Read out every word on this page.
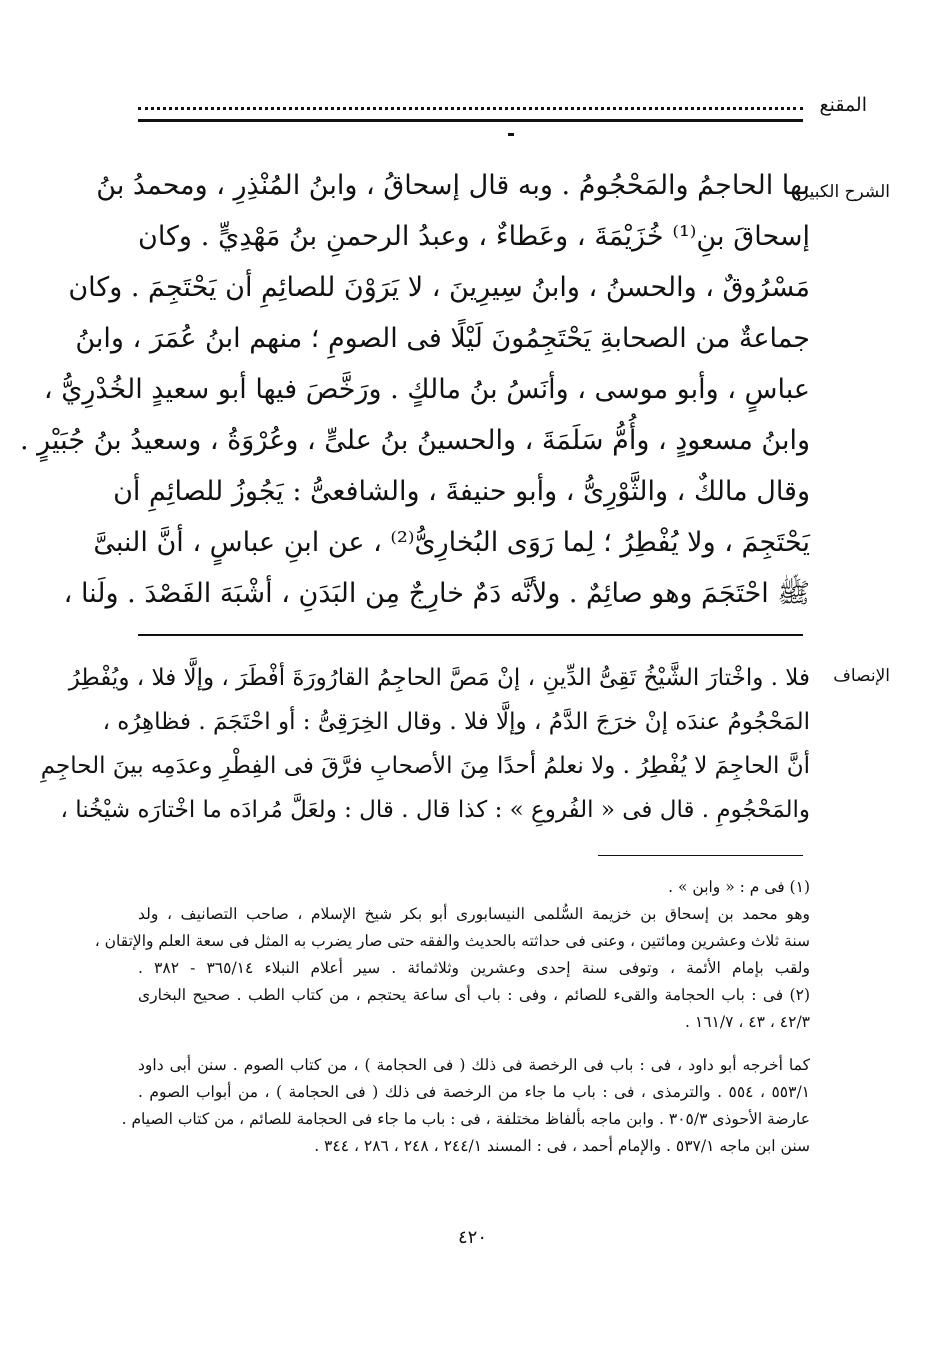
المقنع
الشرح الكبير
بها الحاجمُ والمَحْجُومُ . وبه قال إسحاقُ ، وابنُ المُنْذِرِ ، ومحمدُ بنُ
إسحاقَ بنِ⁽¹⁾ خُزَيْمَةَ ، وعَطاءٌ ، وعبدُ الرحمنِ بنُ مَهْدِيٍّ . وكان
مَسْرُوقٌ ، والحسنُ ، وابنُ سِيرِينَ ، لا يَرَوْنَ للصائِمِ أن يَحْتَجِمَ . وكان
جماعةٌ من الصحابةِ يَحْتَجِمُونَ لَيْلًا فى الصومِ ؛ منهم ابنُ عُمَرَ ، وابنُ
عباسٍ ، وأبو موسى ، وأنَسُ بنُ مالكٍ . ورَخَّصَ فيها أبو سعيدٍ الخُدْرِيُّ ،
وابنُ مسعودٍ ، وأُمُّ سَلَمَةَ ، والحسينُ بنُ علىٍّ ، وعُرْوَةُ ، وسعيدُ بنُ جُبَيْرٍ .
وقال مالكٌ ، والثَّوْرِىُّ ، وأبو حنيفةَ ، والشافعىُّ : يَجُوزُ للصائِمِ أن
يَحْتَجِمَ ، ولا يُفْطِرُ ؛ لِما رَوَى البُخارِىُّ⁽²⁾ ، عن ابنِ عباسٍ ، أنَّ النبىَّ
ﷺ احْتَجَمَ وهو صائِمٌ . ولأنَّه دَمٌ خارِجٌ مِن البَدَنِ ، أشْبَهَ الفَصْدَ . ولَنا ،
الإنصاف
فلا . واخْتارَ الشَّيْخُ تَقِىُّ الدِّينِ ، إنْ مَصَّ الحاجِمُ القارُورَةَ أفْطَرَ ، وإلَّا فلا ، ويُفْطِرُ
المَحْجُومُ عندَه إنْ خرَجَ الدَّمُ ، وإلَّا فلا . وقال الخِرَقِىُّ : أو احْتَجَمَ . فظاهِرُه ،
أنَّ الحاجِمَ لا يُفْطِرُ . ولا نعلمُ أحدًا مِنَ الأصحابِ فرَّقَ فى الفِطْرِ وعدَمِه بينَ الحاجِمِ
والمَحْجُومِ . قال فى « الفُروعِ » : كذا قال . قال : ولعَلَّ مُرادَه ما اخْتارَه شيْخُنا ،
(١) فى م : « وابن » .
وهو محمد بن إسحاق بن خزيمة السُّلمى النيسابورى أبو بكر شيخ الإسلام ، صاحب التصانيف ، ولد
سنة ثلاث وعشرين ومائتين ، وعنى فى حداثته بالحديث والفقه حتى صار يضرب به المثل فى سعة العلم والإتقان ،
ولقب بإمام الأئمة ، وتوفى سنة إحدى وعشرين وثلاثمائة . سير أعلام النبلاء ٣٦٥/١٤ - ٣٨٢ .
(٢) فى : باب الحجامة والقىء للصائم ، وفى : باب أى ساعة يحتجم ، من كتاب الطب . صحيح البخارى
٤٢/٣ ، ٤٣ ، ١٦١/٧ .
كما أخرجه أبو داود ، فى : باب فى الرخصة فى ذلك ( فى الحجامة ) ، من كتاب الصوم . سنن أبى داود
٥٥٣/١ ، ٥٥٤ . والترمذى ، فى : باب ما جاء من الرخصة فى ذلك ( فى الحجامة ) ، من أبواب الصوم .
عارضة الأحوذى ٣٠٥/٣ . وابن ماجه بألفاظ مختلفة ، فى : باب ما جاء فى الحجامة للصائم ، من كتاب الصيام .
سنن ابن ماجه ٥٣٧/١ . والإمام أحمد ، فى : المسند ٢٤٤/١ ، ٢٤٨ ، ٢٨٦ ، ٣٤٤ .
٤٢٠
